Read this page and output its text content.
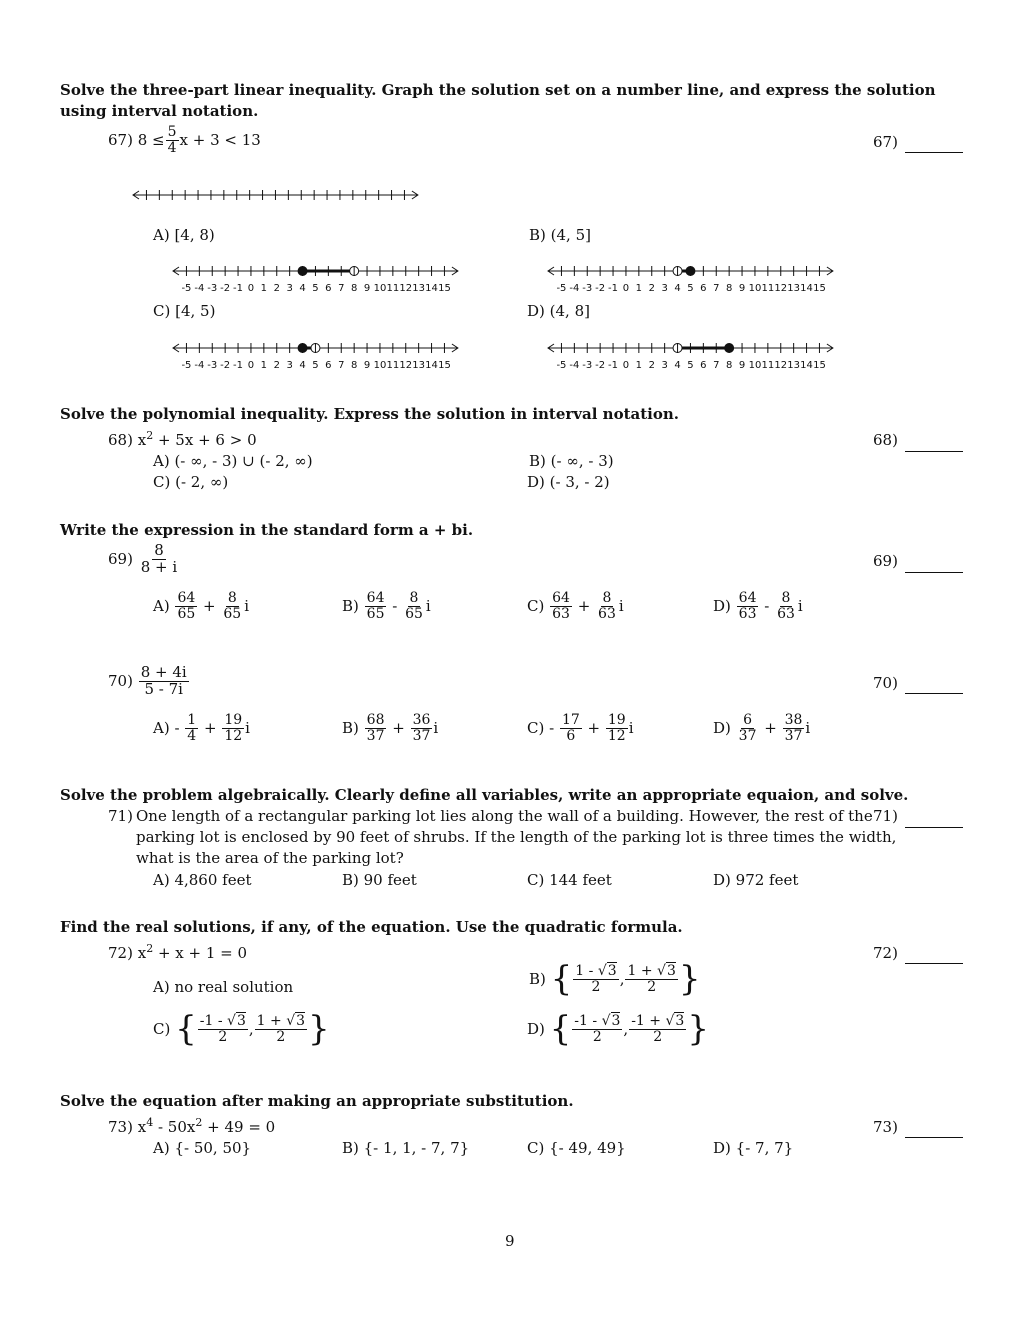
Solve the three-part linear inequality. Graph the solution set on a number line, and express the solution using interval notation.
67)
$8 \le \frac{5}{4}$ x + 3 < 13	67)
A) [4, 8)	B) (4, 5]
-5 -4 -3 -2 -1 0 1 2 3 4 5 6 7 8 9 10 11 12 13 14 15	-5 -4 -3 -2 -1 0 1 2 3 4 5 6 7 8 9 10 11 12 13 14 15
C) [4, 5)	D) (4, 8]
-5 -4 -3 -2 -1 0 1 2 3 4 5 6 7 8 9 10 11 12 13 14 15	-5 -4 -3 -2 -1 0 1 2 3 4 5 6 7 8 9 10 11 12 13 14 15
Solve the polynomial inequality. Express the solution in interval notation.
68) $x^2 + 5x + 6 > 0$	68)
A) (- ∞, - 3) ∪ (- 2, ∞)	B) (- ∞, - 3)
C) (- 2, ∞)	D) (- 3, - 2)
Write the expression in the standard form a + bi.
69)
$\frac{8}{8 + i}$	69)
$A) \frac{64}{65} + \frac{8}{65}$ i	$B) \frac{64}{65} - \frac{8}{65}$ i	$C) \frac{64}{63} + \frac{8}{63}$ i	$D) \frac{64}{63} - \frac{8}{63}$ i
70)
$\frac{8 + 4i}{5 - 7i}$	70)
$A) - \frac{1}{4} + \frac{19}{12}$ i	$B) \frac{68}{37} + \frac{36}{37}$ i	$C) - \frac{17}{6} + \frac{19}{12}$ i	$D) \frac{6}{37} + \frac{38}{37}$ i
Solve the problem algebraically. Clearly define all variables, write an appropriate equaion, and solve.
71) One length of a rectangular parking lot lies along the wall of a building. However, the rest of the
parking lot is enclosed by 90 feet of shrubs. If the length of the parking lot is three times the width,
what is the area of the parking lot?
71)
A) 4,860 feet	B) 90 feet	C) 144 feet	D) 972 feet
Find the real solutions, if any, of the equation. Use the quadratic formula.
72) $x^2 + x + 1 = 0$	72)
A) no real solution	B) { $\frac{1 - √3}{2}$ , $\frac{1 + √3}{2}$ }
C) { $\frac{-1 - √3}{2}$ , $\frac{1 + √3}{2}$ }	D) { $\frac{-1 - √3}{2}$ , $\frac{-1 + √3}{2}$ }
Solve the equation after making an appropriate substitution.
73) $x^4 - 50x^2 + 49 = 0$	73)
A) {- 50, 50}	B) {- 1, 1, - 7, 7}	C) {- 49, 49}	D) {- 7, 7}
9
